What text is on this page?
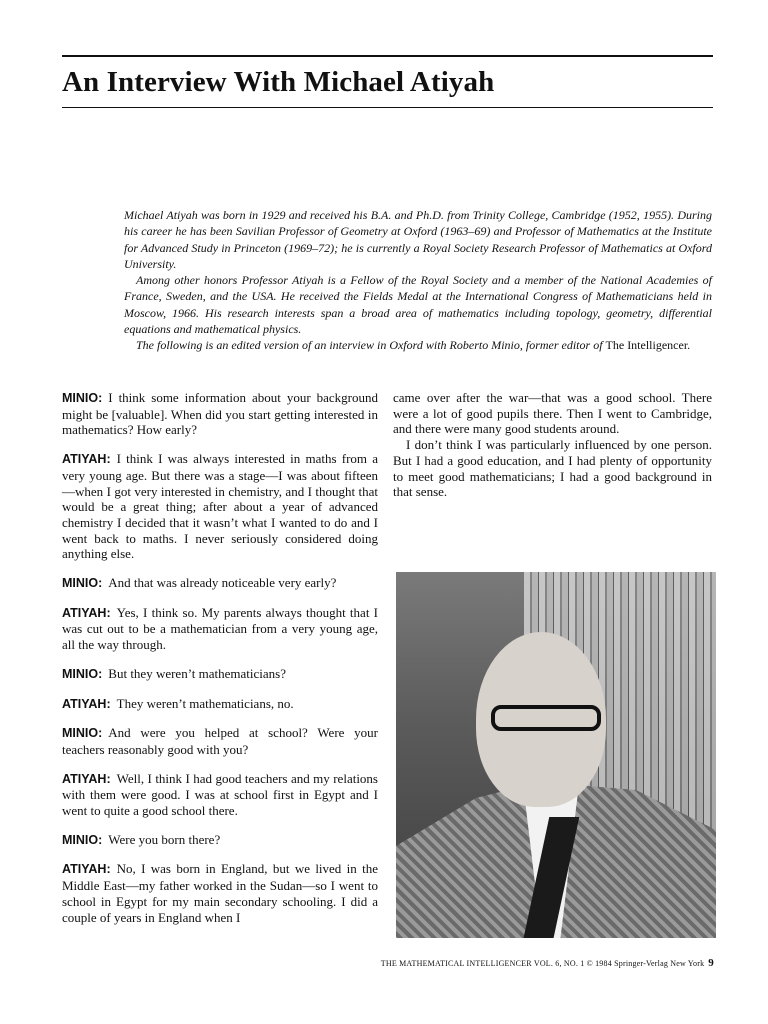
An Interview With Michael Atiyah

Michael Atiyah was born in 1929 and received his B.A. and Ph.D. from Trinity College, Cambridge (1952, 1955). During his career he has been Savilian Professor of Geometry at Oxford (1963–69) and Professor of Mathematics at the Institute for Advanced Study in Princeton (1969–72); he is currently a Royal Society Research Professor of Mathematics at Oxford University.

Among other honors Professor Atiyah is a Fellow of the Royal Society and a member of the National Academies of France, Sweden, and the USA. He received the Fields Medal at the International Congress of Mathematicians held in Moscow, 1966. His research interests span a broad area of mathematics including topology, geometry, differential equations and mathematical physics.

The following is an edited version of an interview in Oxford with Roberto Minio, former editor of The Intelligencer.

MINIO: I think some information about your background might be [valuable]. When did you start getting interested in mathematics? How early?
ATIYAH: I think I was always interested in maths from a very young age. But there was a stage—I was about fifteen—when I got very interested in chemistry, and I thought that would be a great thing; after about a year of advanced chemistry I decided that it wasn’t what I wanted to do and I went back to maths. I never seriously considered doing anything else.
MINIO: And that was already noticeable very early?
ATIYAH: Yes, I think so. My parents always thought that I was cut out to be a mathematician from a very young age, all the way through.
MINIO: But they weren’t mathematicians?
ATIYAH: They weren’t mathematicians, no.
MINIO: And were you helped at school? Were your teachers reasonably good with you?
ATIYAH: Well, I think I had good teachers and my relations with them were good. I was at school first in Egypt and I went to quite a good school there.
MINIO: Were you born there?
ATIYAH: No, I was born in England, but we lived in the Middle East—my father worked in the Sudan—so I went to school in Egypt for my main secondary schooling. I did a couple of years in England when I

came over after the war—that was a good school. There were a lot of good pupils there. Then I went to Cambridge, and there were many good students around.

I don’t think I was particularly influenced by one person. But I had a good education, and I had plenty of opportunity to meet good mathematicians; I had a good background in that sense.

THE MATHEMATICAL INTELLIGENCER VOL. 6, NO. 1 © 1984 Springer-Verlag New York 9
